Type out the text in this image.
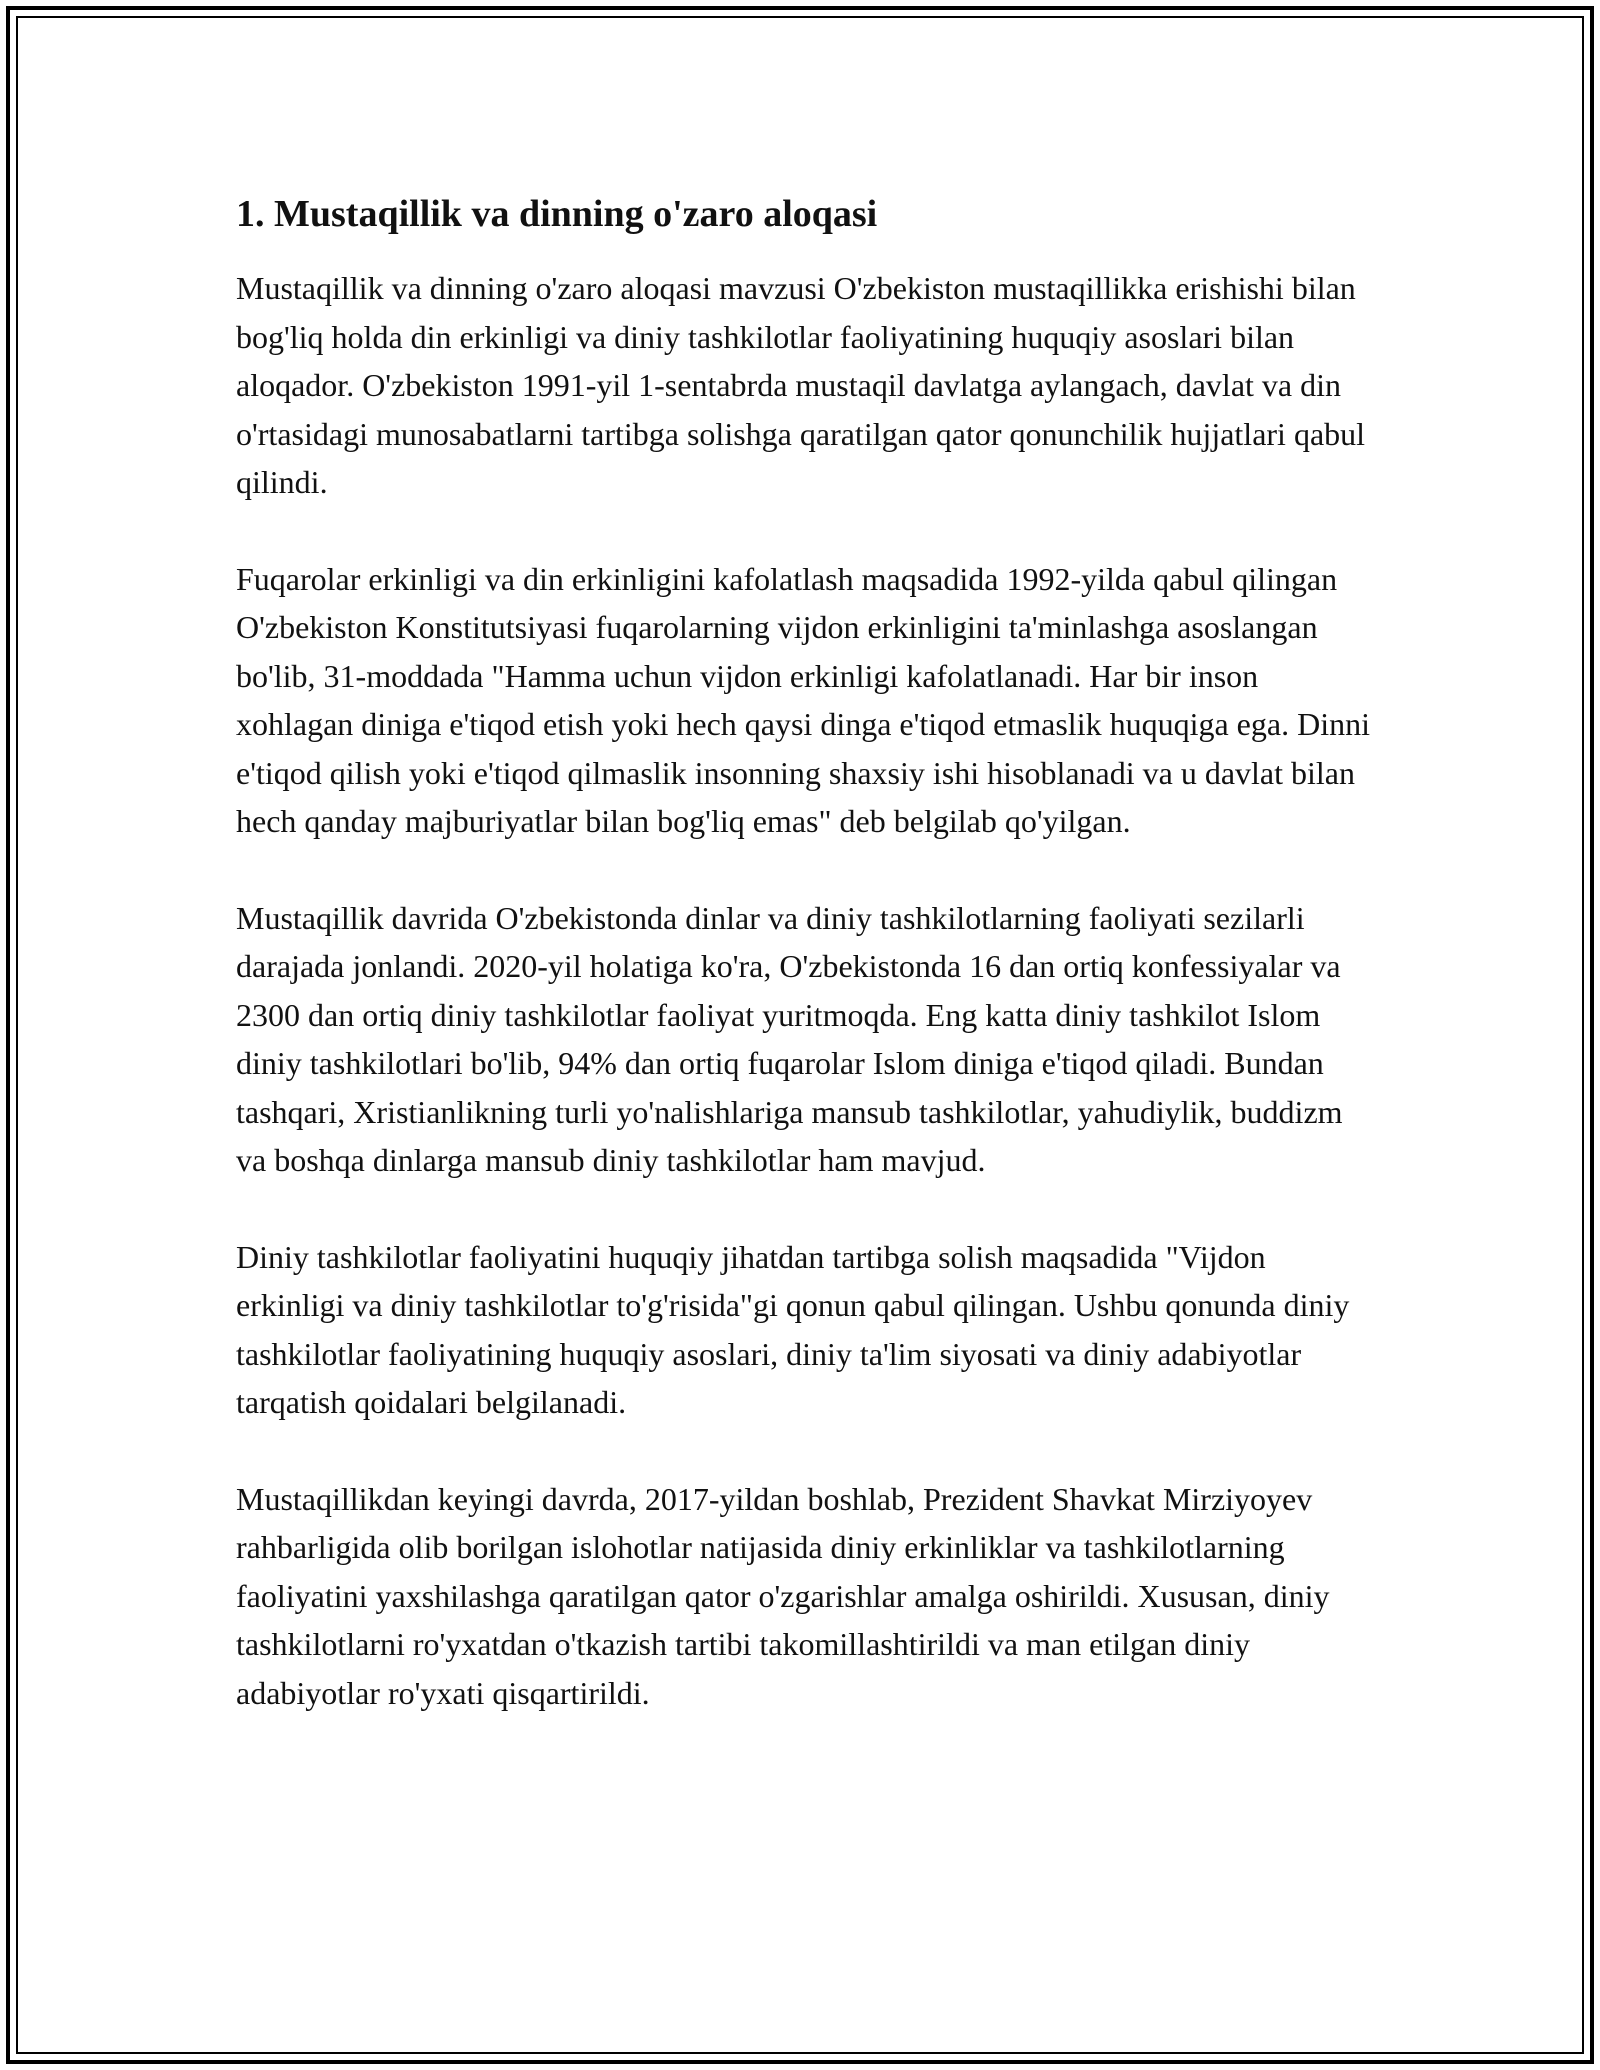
1. Mustaqillik va dinning o'zaro aloqasi

Mustaqillik va dinning o'zaro aloqasi mavzusi O'zbekiston mustaqillikka erishishi bilan bog'liq holda din erkinligi va diniy tashkilotlar faoliyatining huquqiy asoslari bilan aloqador. O'zbekiston 1991-yil 1-sentabrda mustaqil davlatga aylangach, davlat va din o'rtasidagi munosabatlarni tartibga solishga qaratilgan qator qonunchilik hujjatlari qabul qilindi.

Fuqarolar erkinligi va din erkinligini kafolatlash maqsadida 1992-yilda qabul qilingan O'zbekiston Konstitutsiyasi fuqarolarning vijdon erkinligini ta'minlashga asoslangan bo'lib, 31-moddada "Hamma uchun vijdon erkinligi kafolatlanadi. Har bir inson xohlagan diniga e'tiqod etish yoki hech qaysi dinga e'tiqod etmaslik huquqiga ega. Dinni e'tiqod qilish yoki e'tiqod qilmaslik insonning shaxsiy ishi hisoblanadi va u davlat bilan hech qanday majburiyatlar bilan bog'liq emas" deb belgilab qo'yilgan.

Mustaqillik davrida O'zbekistonda dinlar va diniy tashkilotlarning faoliyati sezilarli darajada jonlandi. 2020-yil holatiga ko'ra, O'zbekistonda 16 dan ortiq konfessiyalar va 2300 dan ortiq diniy tashkilotlar faoliyat yuritmoqda. Eng katta diniy tashkilot Islom diniy tashkilotlari bo'lib, 94% dan ortiq fuqarolar Islom diniga e'tiqod qiladi. Bundan tashqari, Xristianlikning turli yo'nalishlariga mansub tashkilotlar, yahudiylik, buddizm va boshqa dinlarga mansub diniy tashkilotlar ham mavjud.

Diniy tashkilotlar faoliyatini huquqiy jihatdan tartibga solish maqsadida "Vijdon erkinligi va diniy tashkilotlar to'g'risida"gi qonun qabul qilingan. Ushbu qonunda diniy tashkilotlar faoliyatining huquqiy asoslari, diniy ta'lim siyosati va diniy adabiyotlar tarqatish qoidalari belgilanadi.

Mustaqillikdan keyingi davrda, 2017-yildan boshlab, Prezident Shavkat Mirziyoyev rahbarligida olib borilgan islohotlar natijasida diniy erkinliklar va tashkilotlarning faoliyatini yaxshilashga qaratilgan qator o'zgarishlar amalga oshirildi. Xususan, diniy tashkilotlarni ro'yxatdan o'tkazish tartibi takomillashtirildi va man etilgan diniy adabiyotlar ro'yxati qisqartirildi.
